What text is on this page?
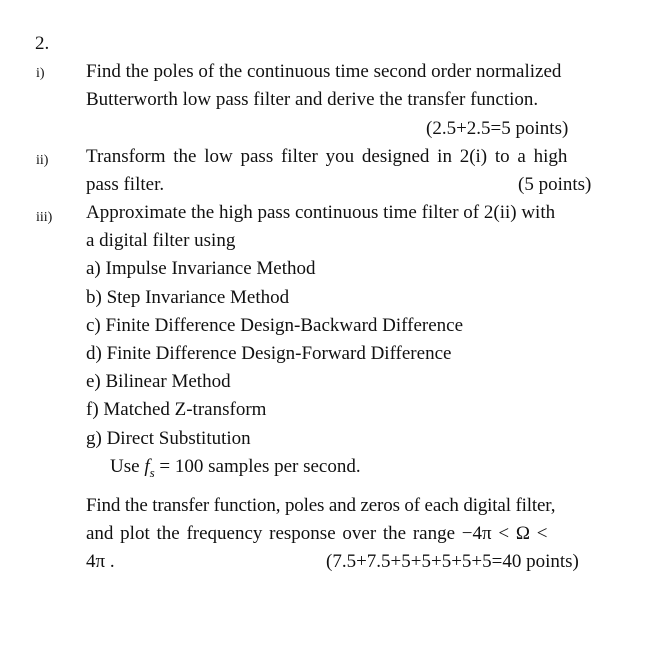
2.
i) Find the poles of the continuous time second order normalized
Butterworth low pass filter and derive the transfer function.
(2.5+2.5=5 points)
ii) Transform the low pass filter you designed in 2(i) to a high
pass filter.	(5 points)
iii) Approximate the high pass continuous time filter of 2(ii) with
a digital filter using
a) Impulse Invariance Method
b) Step Invariance Method
c) Finite Difference Design-Backward Difference
d) Finite Difference Design-Forward Difference
e) Bilinear Method
f) Matched Z-transform
g) Direct Substitution
Use $f_s = 100$ samples per second.
Find the transfer function, poles and zeros of each digital filter,
and plot the frequency response over the range −4π < Ω <
4π .	(7.5+7.5+5+5+5+5+5=40 points)
